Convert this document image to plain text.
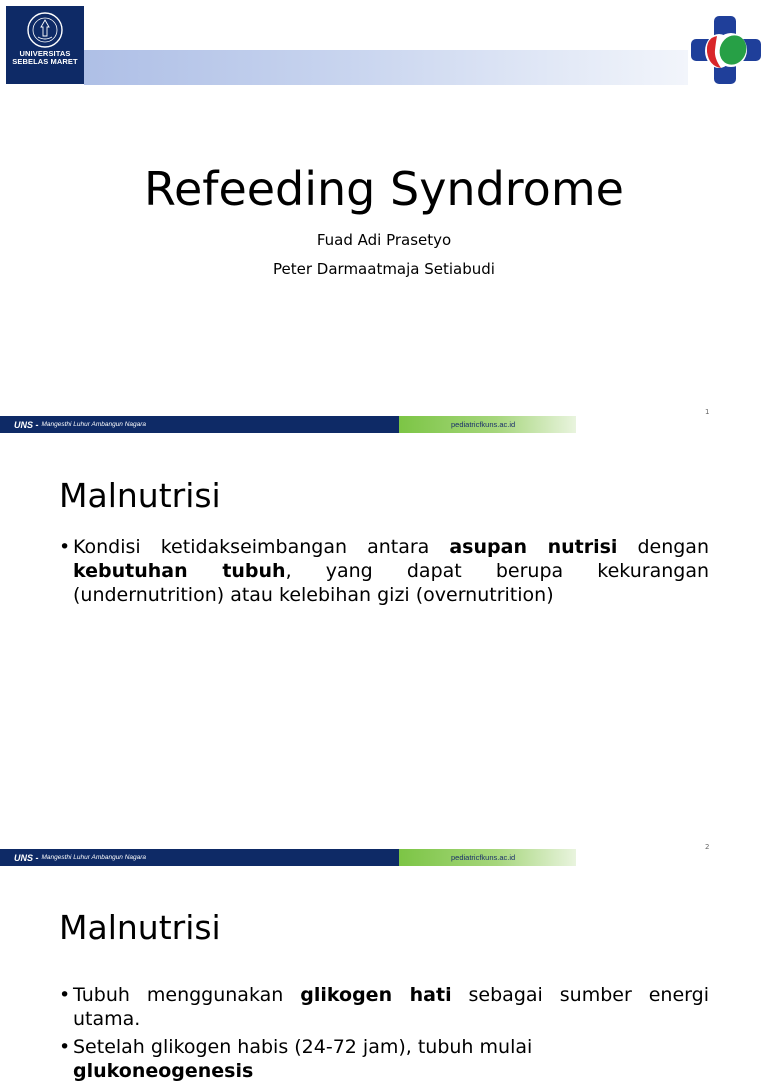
UNIVERSITAS
SEBELAS MARET
Refeeding Syndrome
Fuad Adi Prasetyo
Peter Darmaatmaja Setiabudi
1
UNS - Mangesthi Luhur Ambangun Nagara	pediatricfkuns.ac.id
Malnutrisi
• Kondisi ketidakseimbangan antara asupan nutrisi dengan kebutuhan tubuh, yang dapat berupa kekurangan (undernutrition) atau kelebihan gizi (overnutrition)
2
UNS - Mangesthi Luhur Ambangun Nagara	pediatricfkuns.ac.id
Malnutrisi
• Tubuh menggunakan glikogen hati sebagai sumber energi utama.
• Setelah glikogen habis (24-72 jam), tubuh mulai glukoneogenesis
